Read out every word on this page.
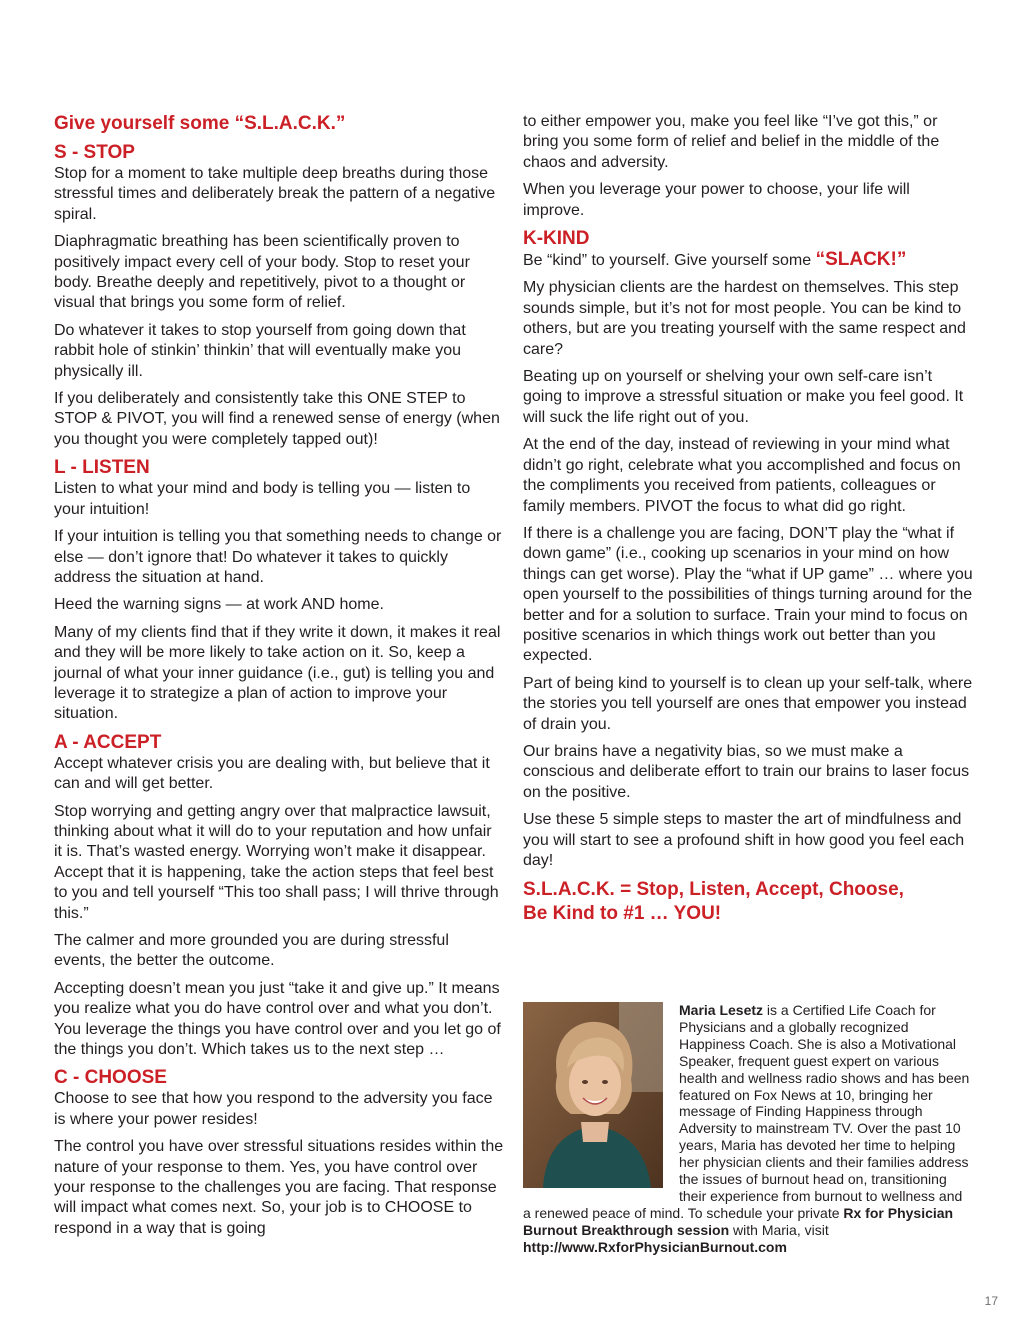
Give yourself some “S.L.A.C.K.”
S - STOP

Stop for a moment to take multiple deep breaths during those stressful times and deliberately break the pattern of a negative spiral.

Diaphragmatic breathing has been scientifically proven to positively impact every cell of your body. Stop to reset your body. Breathe deeply and repetitively, pivot to a thought or visual that brings you some form of relief.

Do whatever it takes to stop yourself from going down that rabbit hole of stinkin’ thinkin’ that will eventually make you physically ill.

If you deliberately and consistently take this ONE STEP to STOP & PIVOT, you will find a renewed sense of energy (when you thought you were completely tapped out)!

L - LISTEN

Listen to what your mind and body is telling you — listen to your intuition!

If your intuition is telling you that something needs to change or else — don’t ignore that! Do whatever it takes to quickly address the situation at hand.

Heed the warning signs — at work AND home.

Many of my clients find that if they write it down, it makes it real and they will be more likely to take action on it. So, keep a journal of what your inner guidance (i.e., gut) is telling you and leverage it to strategize a plan of action to improve your situation.

A - ACCEPT

Accept whatever crisis you are dealing with, but believe that it can and will get better.

Stop worrying and getting angry over that malpractice lawsuit, thinking about what it will do to your reputation and how unfair it is. That’s wasted energy. Worrying won’t make it disappear. Accept that it is happening, take the action steps that feel best to you and tell yourself “This too shall pass; I will thrive through this.”

The calmer and more grounded you are during stressful events, the better the outcome.

Accepting doesn’t mean you just “take it and give up.” It means you realize what you do have control over and what you don’t. You leverage the things you have control over and you let go of the things you don’t. Which takes us to the next step …

C - CHOOSE

Choose to see that how you respond to the adversity you face is where your power resides!

The control you have over stressful situations resides within the nature of your response to them. Yes, you have control over your response to the challenges you are facing. That response will impact what comes next. So, your job is to CHOOSE to respond in a way that is going

to either empower you, make you feel like “I’ve got this,” or bring you some form of relief and belief in the middle of the chaos and adversity.

When you leverage your power to choose, your life will improve.

K-KIND

Be “kind” to yourself. Give yourself some “SLACK!”

My physician clients are the hardest on themselves. This step sounds simple, but it’s not for most people. You can be kind to others, but are you treating yourself with the same respect and care?

Beating up on yourself or shelving your own self-care isn’t going to improve a stressful situation or make you feel good. It will suck the life right out of you.

At the end of the day, instead of reviewing in your mind what didn’t go right, celebrate what you accomplished and focus on the compliments you received from patients, colleagues or family members. PIVOT the focus to what did go right.

If there is a challenge you are facing, DON’T play the “what if down game” (i.e., cooking up scenarios in your mind on how things can get worse). Play the “what if UP game” … where you open yourself to the possibilities of things turning around for the better and for a solution to surface. Train your mind to focus on positive scenarios in which things work out better than you expected.

Part of being kind to yourself is to clean up your self-talk, where the stories you tell yourself are ones that empower you instead of drain you.

Our brains have a negativity bias, so we must make a conscious and deliberate effort to train our brains to laser focus on the positive.

Use these 5 simple steps to master the art of mindfulness and you will start to see a profound shift in how good you feel each day!

S.L.A.C.K. = Stop, Listen, Accept, Choose,
Be Kind to #1 … YOU!
Maria Lesetz is a Certified Life Coach for Physicians and a globally recognized Happiness Coach. She is also a Motivational Speaker, frequent guest expert on various health and wellness radio shows and has been featured on Fox News at 10, bringing her message of Finding Happiness through Adversity to mainstream TV. Over the past 10 years, Maria has devoted her time to helping her physician clients and their families address the issues of burnout head on, transitioning their experience from burnout to wellness and a renewed peace of mind. To schedule your private Rx for Physician Burnout Breakthrough session with Maria, visit http://www.RxforPhysicianBurnout.com
17
